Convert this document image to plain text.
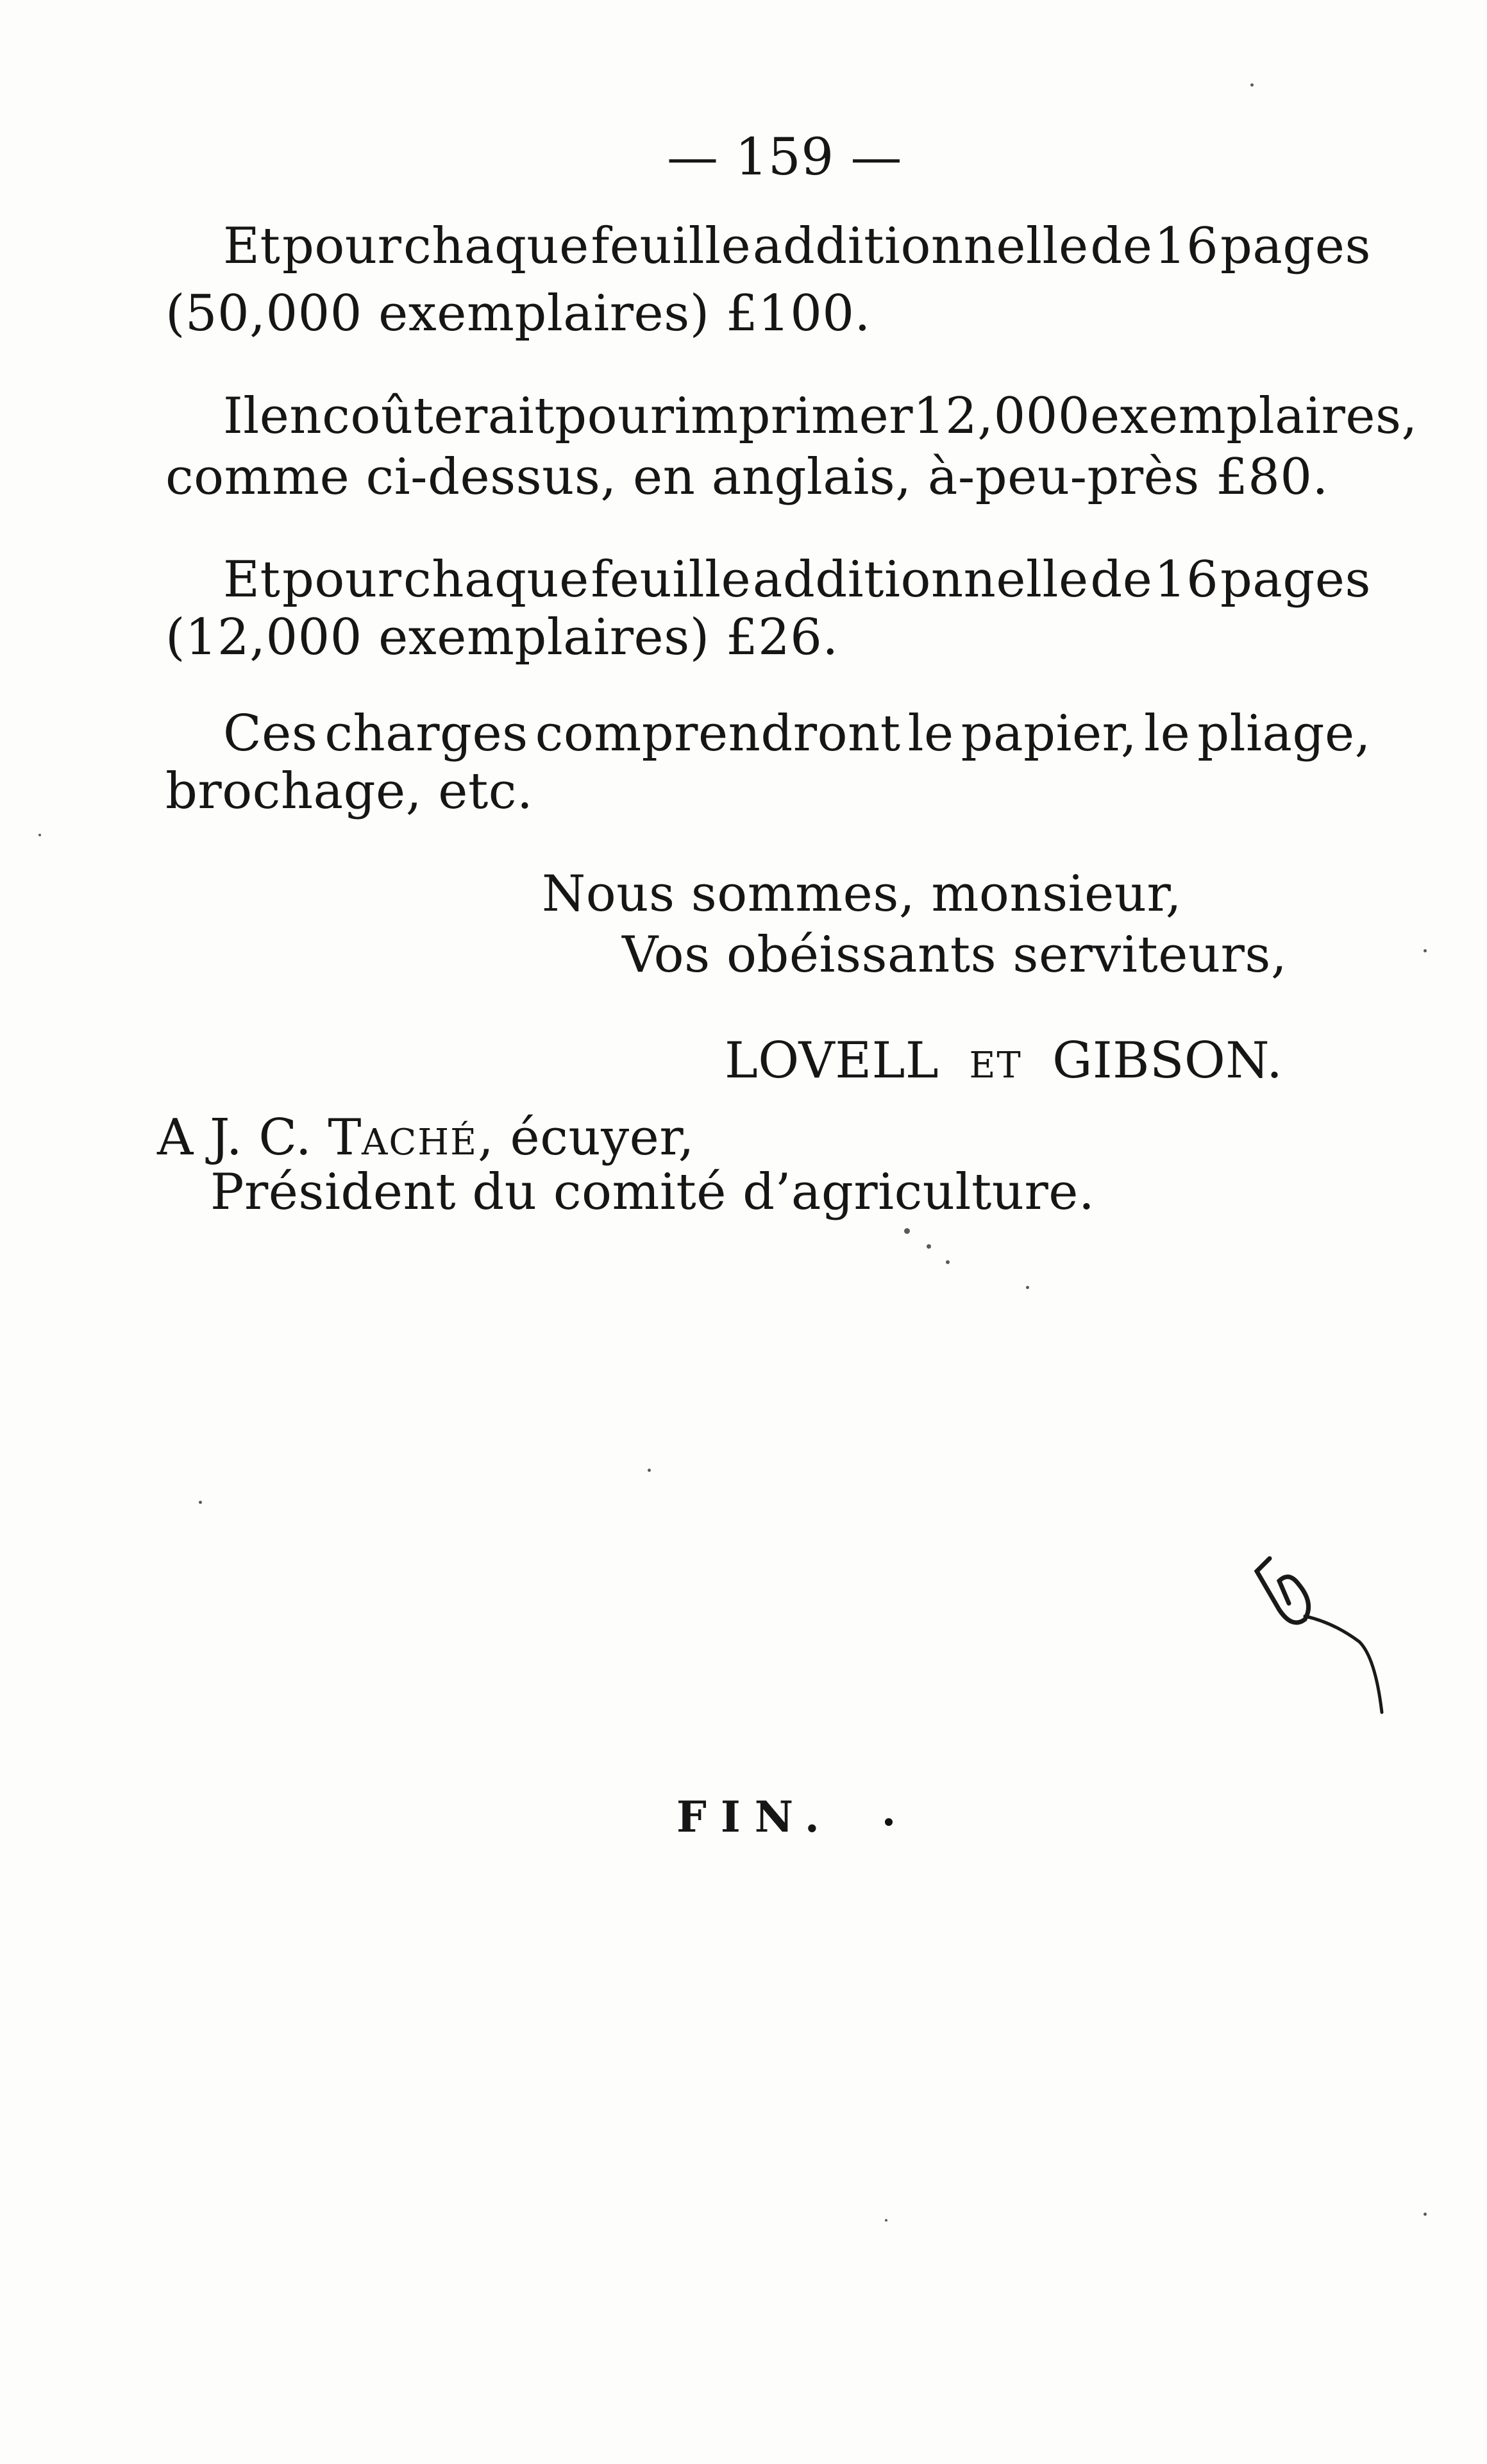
— 159 —
Et pour chaque feuille additionnelle de 16 pages
(50,000 exemplaires) £100.
Il en coûterait pour imprimer 12,000 exemplaires,
comme ci-dessus, en anglais, à-peu-près £80.
Et pour chaque feuille additionnelle de 16 pages
(12,000 exemplaires) £26.
Ces charges comprendront le papier, le pliage,
brochage, etc.
Nous sommes, monsieur,
Vos obéissants serviteurs,
LOVELL ET GIBSON.
A J. C. TACHÉ, écuyer,
Président du comité d’agriculture.
FIN.
